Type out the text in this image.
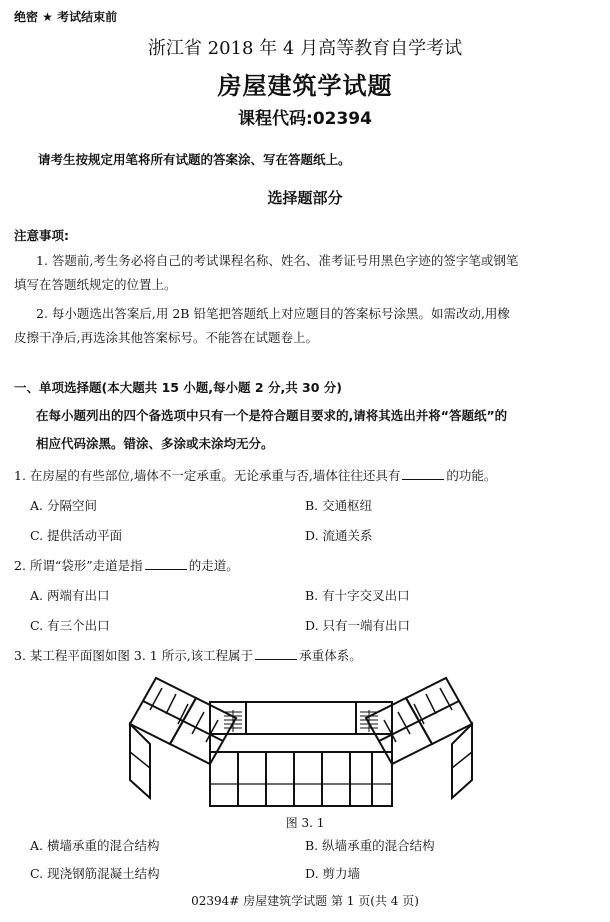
绝密 ★ 考试结束前
浙江省 2018 年 4 月高等教育自学考试
房屋建筑学试题
课程代码:02394
请考生按规定用笔将所有试题的答案涂、写在答题纸上。
选择题部分
注意事项:
1. 答题前,考生务必将自己的考试课程名称、姓名、准考证号用黑色字迹的签字笔或钢笔
填写在答题纸规定的位置上。
2. 每小题选出答案后,用 2B 铅笔把答题纸上对应题目的答案标号涂黑。如需改动,用橡
皮擦干净后,再选涂其他答案标号。不能答在试题卷上。
一、单项选择题(本大题共 15 小题,每小题 2 分,共 30 分)
在每小题列出的四个备选项中只有一个是符合题目要求的,请将其选出并将“答题纸”的
相应代码涂黑。错涂、多涂或未涂均无分。
1. 在房屋的有些部位,墙体不一定承重。无论承重与否,墙体往往还具有	的功能。
A. 分隔空间	B. 交通枢纽
C. 提供活动平面	D. 流通关系
2. 所谓“袋形”走道是指	的走道。
A. 两端有出口	B. 有十字交叉出口
C. 有三个出口	D. 只有一端有出口
3. 某工程平面图如图 3. 1 所示,该工程属于	承重体系。
图 3. 1
A. 横墙承重的混合结构	B. 纵墙承重的混合结构
C. 现浇钢筋混凝土结构	D. 剪力墙
02394# 房屋建筑学试题 第 1 页(共 4 页)
